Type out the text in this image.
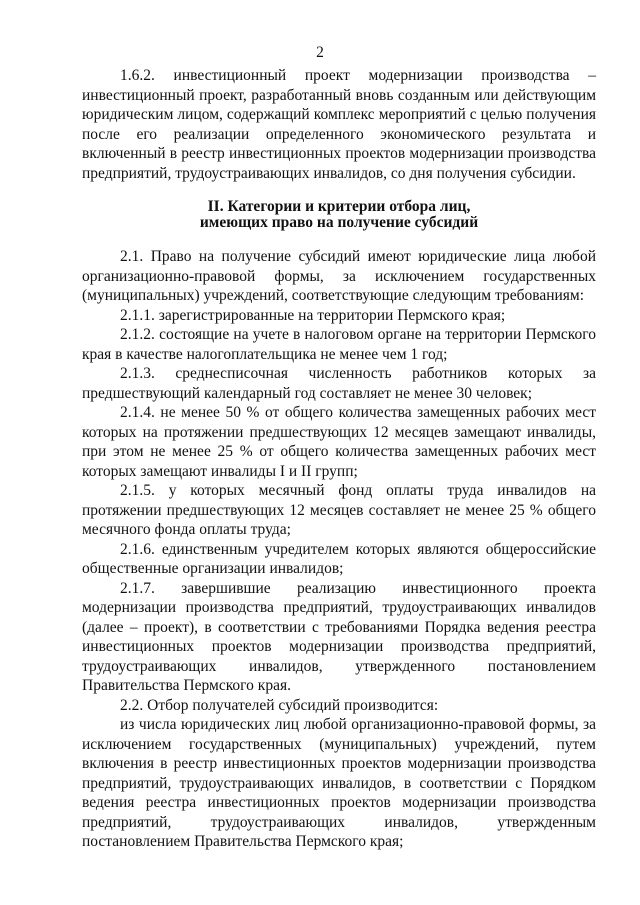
2

1.6.2. инвестиционный проект модернизации производства – инвестиционный проект, разработанный вновь созданным или действующим юридическим лицом, содержащий комплекс мероприятий с целью получения после его реализации определенного экономического результата и включенный в реестр инвестиционных проектов модернизации производства предприятий, трудоустраивающих инвалидов, со дня получения субсидии.

II. Категории и критерии отбора лиц,
имеющих право на получение субсидий

2.1. Право на получение субсидий имеют юридические лица любой организационно-правовой формы, за исключением государственных (муниципальных) учреждений, соответствующие следующим требованиям:

2.1.1. зарегистрированные на территории Пермского края;

2.1.2. состоящие на учете в налоговом органе на территории Пермского края в качестве налогоплательщика не менее чем 1 год;

2.1.3. среднесписочная численность работников которых за предшествующий календарный год составляет не менее 30 человек;

2.1.4. не менее 50 % от общего количества замещенных рабочих мест которых на протяжении предшествующих 12 месяцев замещают инвалиды, при этом не менее 25 % от общего количества замещенных рабочих мест которых замещают инвалиды I и II групп;

2.1.5. у которых месячный фонд оплаты труда инвалидов на протяжении предшествующих 12 месяцев составляет не менее 25 % общего месячного фонда оплаты труда;

2.1.6. единственным учредителем которых являются общероссийские общественные организации инвалидов;

2.1.7. завершившие реализацию инвестиционного проекта модернизации производства предприятий, трудоустраивающих инвалидов (далее – проект), в соответствии с требованиями Порядка ведения реестра инвестиционных проектов модернизации производства предприятий, трудоустраивающих инвалидов, утвержденного постановлением Правительства Пермского края.

2.2. Отбор получателей субсидий производится:

из числа юридических лиц любой организационно-правовой формы, за исключением государственных (муниципальных) учреждений, путем включения в реестр инвестиционных проектов модернизации производства предприятий, трудоустраивающих инвалидов, в соответствии с Порядком ведения реестра инвестиционных проектов модернизации производства предприятий, трудоустраивающих инвалидов, утвержденным постановлением Правительства Пермского края;
